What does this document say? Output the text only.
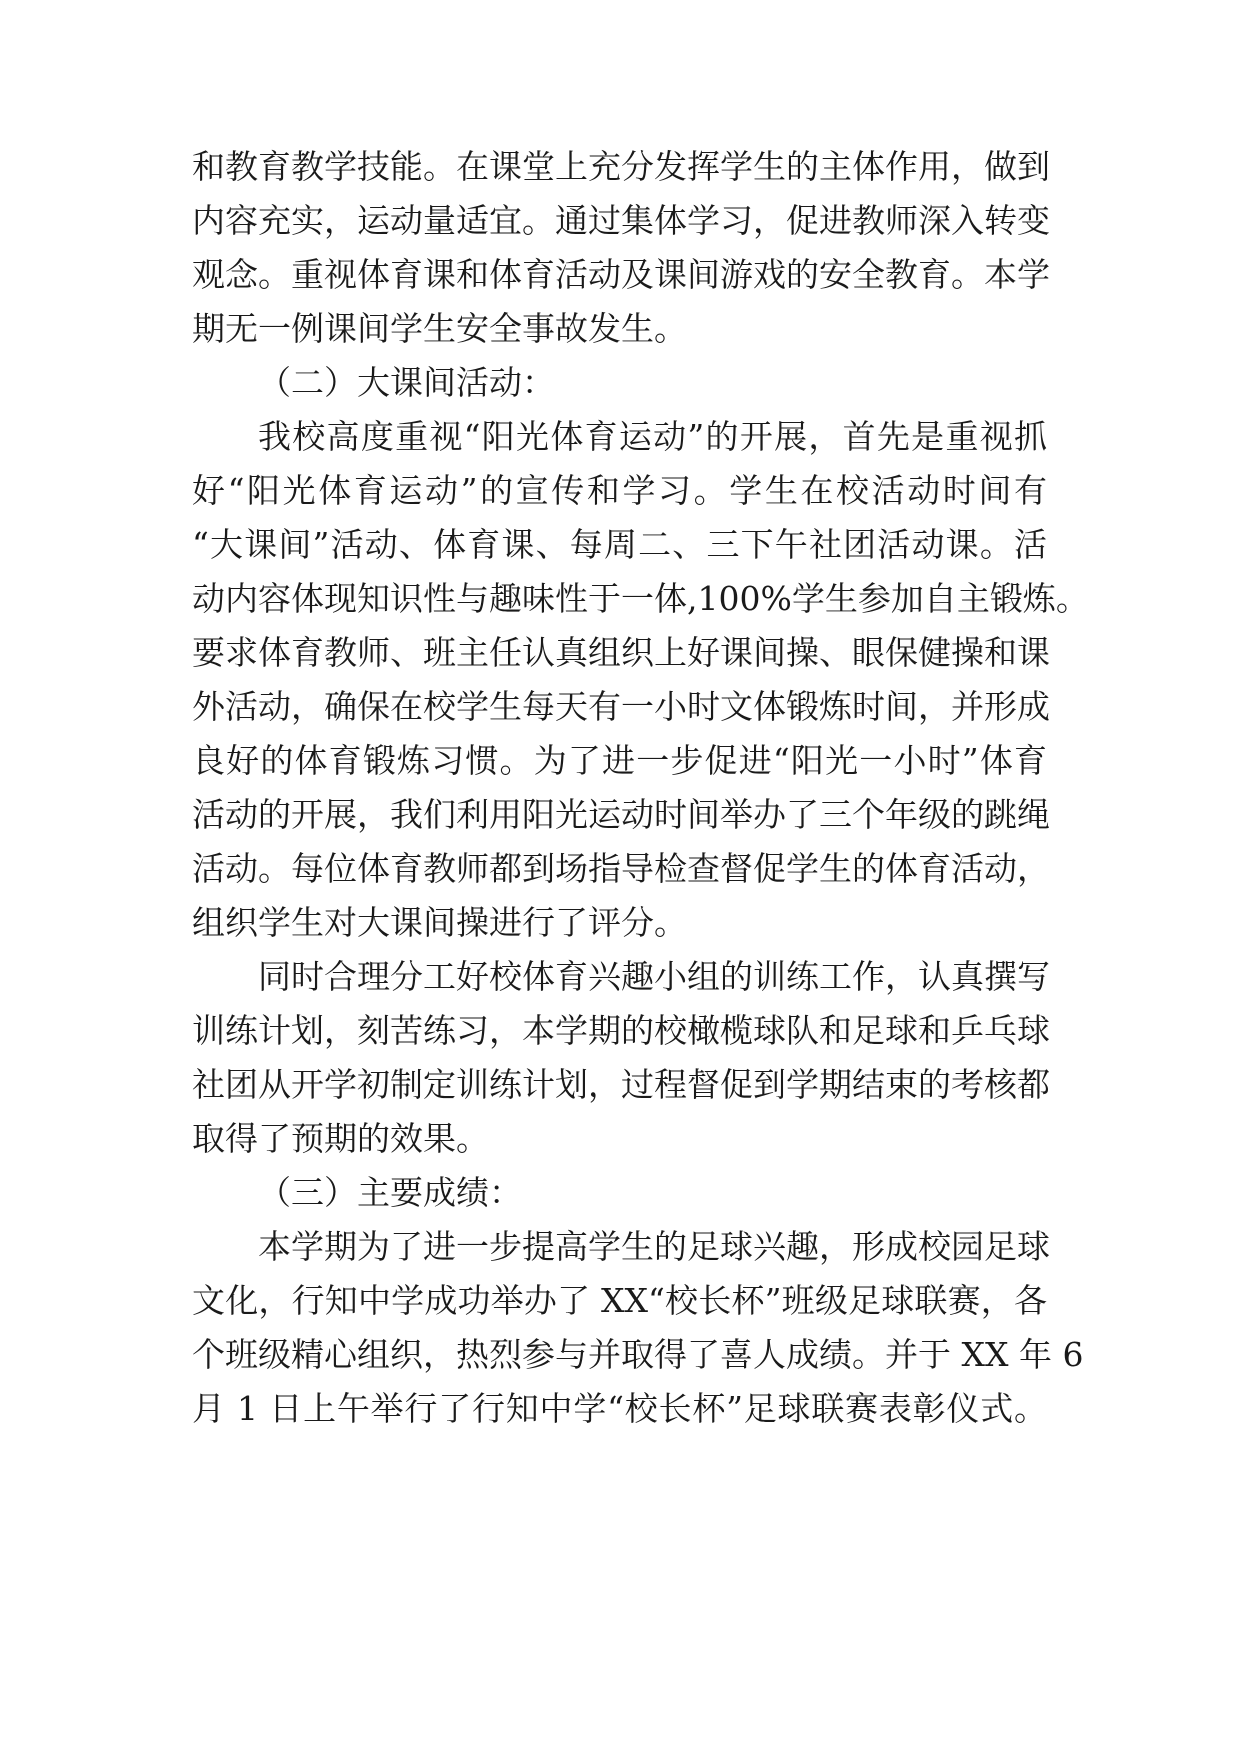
和教育教学技能。在课堂上充分发挥学生的主体作用，做到
内容充实，运动量适宜。通过集体学习，促进教师深入转变
观念。重视体育课和体育活动及课间游戏的安全教育。本学
期无一例课间学生安全事故发生。
（二）大课间活动：
我校高度重视“阳光体育运动”的开展，首先是重视抓
好“阳光体育运动”的宣传和学习。学生在校活动时间有
“大课间”活动、体育课、每周二、三下午社团活动课。活
动内容体现知识性与趣味性于一体,100%学生参加自主锻炼。
要求体育教师、班主任认真组织上好课间操、眼保健操和课
外活动，确保在校学生每天有一小时文体锻炼时间，并形成
良好的体育锻炼习惯。为了进一步促进“阳光一小时”体育
活动的开展，我们利用阳光运动时间举办了三个年级的跳绳
活动。每位体育教师都到场指导检查督促学生的体育活动，
组织学生对大课间操进行了评分。
同时合理分工好校体育兴趣小组的训练工作，认真撰写
训练计划，刻苦练习，本学期的校橄榄球队和足球和乒乓球
社团从开学初制定训练计划，过程督促到学期结束的考核都
取得了预期的效果。
（三）主要成绩：
本学期为了进一步提高学生的足球兴趣，形成校园足球
文化，行知中学成功举办了 XX“校长杯”班级足球联赛，各
个班级精心组织，热烈参与并取得了喜人成绩。并于 XX 年 6
月 1 日上午举行了行知中学“校长杯”足球联赛表彰仪式。
